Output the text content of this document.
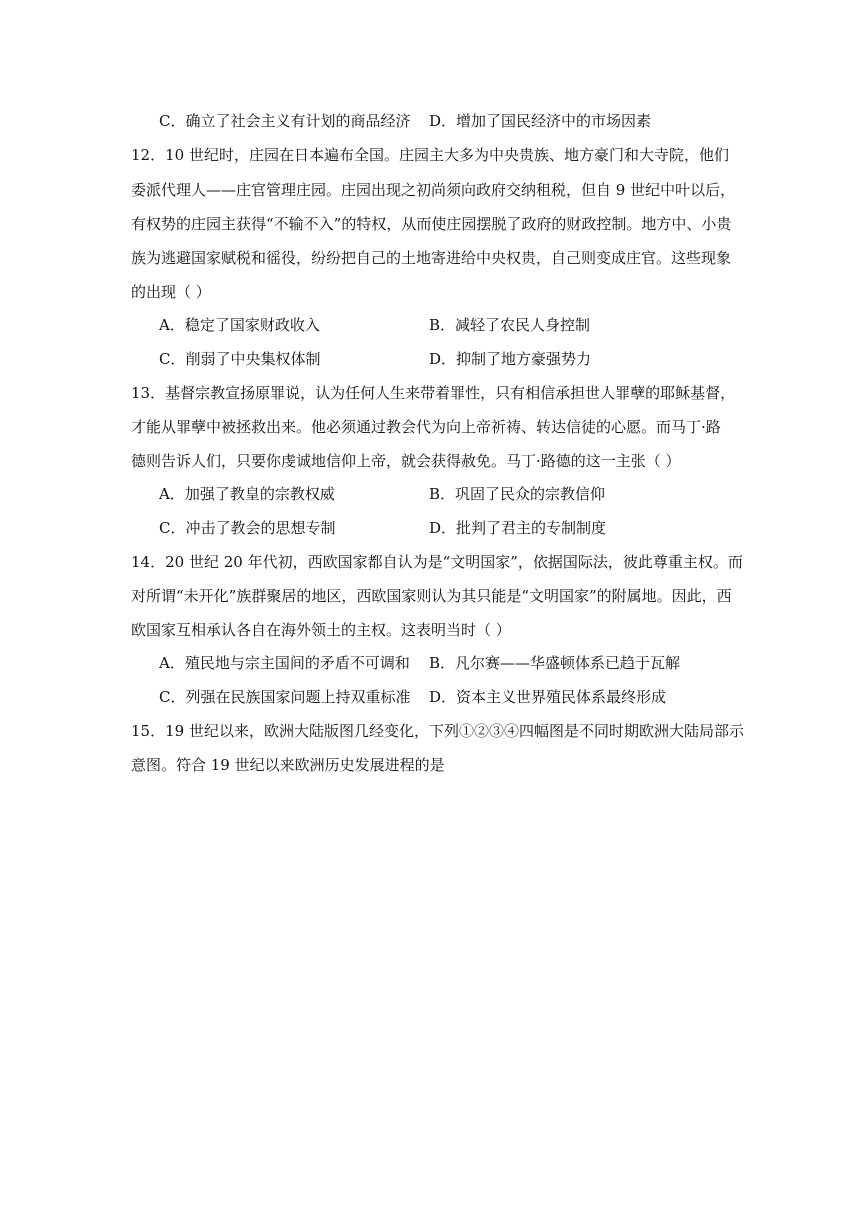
C．确立了社会主义有计划的商品经济 D．增加了国民经济中的市场因素
12．10 世纪时，庄园在日本遍布全国。庄园主大多为中央贵族、地方豪门和大寺院，他们
委派代理人——庄官管理庄园。庄园出现之初尚须向政府交纳租税，但自 9 世纪中叶以后，
有权势的庄园主获得“不输不入”的特权，从而使庄园摆脱了政府的财政控制。地方中、小贵
族为逃避国家赋税和徭役，纷纷把自己的土地寄进给中央权贵，自己则变成庄官。这些现象
的出现（ ）
A．稳定了国家财政收入	B．减轻了农民人身控制
C．削弱了中央集权体制	D．抑制了地方豪强势力
13．基督宗教宣扬原罪说，认为任何人生来带着罪性，只有相信承担世人罪孽的耶稣基督，
才能从罪孽中被拯救出来。他必须通过教会代为向上帝祈祷、转达信徒的心愿。而马丁·路
德则告诉人们，只要你虔诚地信仰上帝，就会获得赦免。马丁·路德的这一主张（ ）
A．加强了教皇的宗教权威	B．巩固了民众的宗教信仰
C．冲击了教会的思想专制	D．批判了君主的专制制度
14．20 世纪 20 年代初，西欧国家都自认为是“文明国家”，依据国际法，彼此尊重主权。而
对所谓“未开化”族群聚居的地区，西欧国家则认为其只能是“文明国家”的附属地。因此，西
欧国家互相承认各自在海外领土的主权。这表明当时（ ）
A．殖民地与宗主国间的矛盾不可调和 B．凡尔赛——华盛顿体系已趋于瓦解
C．列强在民族国家问题上持双重标准 D．资本主义世界殖民体系最终形成
15．19 世纪以来，欧洲大陆版图几经变化，下列①②③④四幅图是不同时期欧洲大陆局部示
意图。符合 19 世纪以来欧洲历史发展进程的是
